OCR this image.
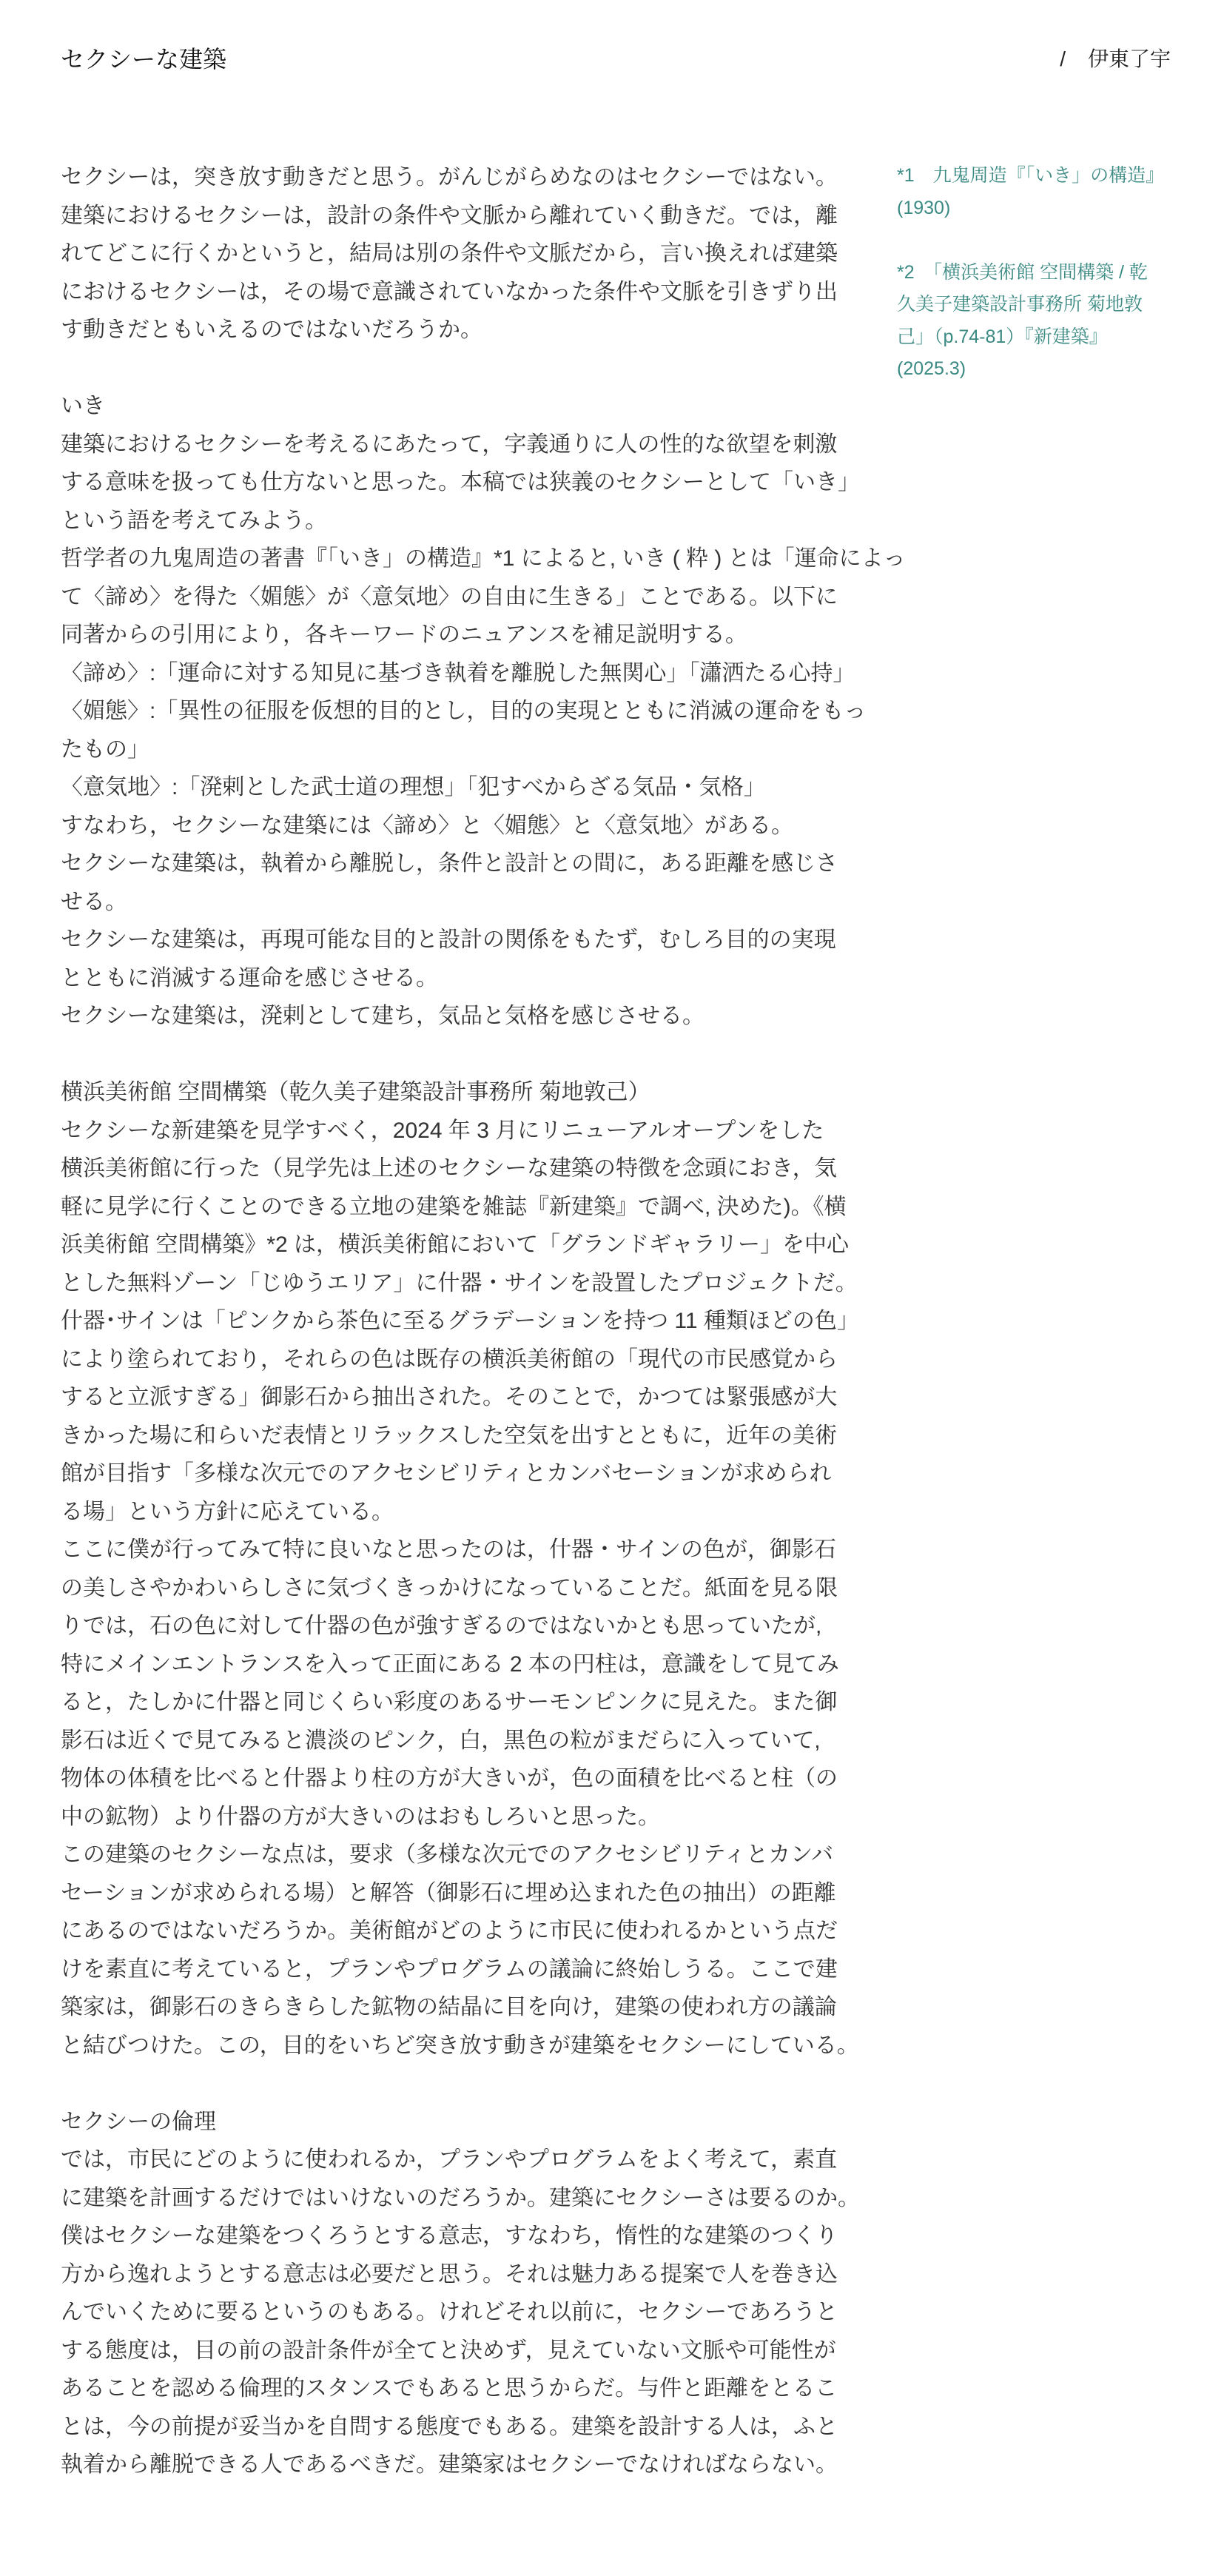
セクシーな建築	/ 伊東了宇
セクシーは，突き放す動きだと思う。がんじがらめなのはセクシーではない。
建築におけるセクシーは，設計の条件や文脈から離れていく動きだ。では，離
れてどこに行くかというと，結局は別の条件や文脈だから，言い換えれば建築
におけるセクシーは，その場で意識されていなかった条件や文脈を引きずり出
す動きだともいえるのではないだろうか。
いき
建築におけるセクシーを考えるにあたって，字義通りに人の性的な欲望を刺激
する意味を扱っても仕方ないと思った。本稿では狭義のセクシーとして「いき」
という語を考えてみよう。
哲学者の九鬼周造の著書『「いき」の構造』*1 によると, いき ( 粋 ) とは「運命によっ
て〈諦め〉を得た〈媚態〉が〈意気地〉の自由に生きる」ことである。以下に
同著からの引用により，各キーワードのニュアンスを補足説明する。
〈諦め〉:「運命に対する知見に基づき執着を離脱した無関心」「瀟洒たる心持」
〈媚態〉:「異性の征服を仮想的目的とし，目的の実現とともに消滅の運命をもっ
たもの」
〈意気地〉:「溌剌とした武士道の理想」「犯すべからざる気品・気格」
すなわち，セクシーな建築には〈諦め〉と〈媚態〉と〈意気地〉がある。
セクシーな建築は，執着から離脱し，条件と設計との間に，ある距離を感じさ
せる。
セクシーな建築は，再現可能な目的と設計の関係をもたず，むしろ目的の実現
とともに消滅する運命を感じさせる。
セクシーな建築は，溌剌として建ち，気品と気格を感じさせる。
横浜美術館 空間構築（乾久美子建築設計事務所 菊地敦己）
セクシーな新建築を見学すべく，2024 年 3 月にリニューアルオープンをした
横浜美術館に行った（見学先は上述のセクシーな建築の特徴を念頭におき，気
軽に見学に行くことのできる立地の建築を雑誌『新建築』で調べ, 決めた)。《横
浜美術館 空間構築》*2 は，横浜美術館において「グランドギャラリー」を中心
とした無料ゾーン「じゆうエリア」に什器・サインを設置したプロジェクトだ。
什器･サインは「ピンクから茶色に至るグラデーションを持つ 11 種類ほどの色」
により塗られており，それらの色は既存の横浜美術館の「現代の市民感覚から
すると立派すぎる」御影石から抽出された。そのことで，かつては緊張感が大
きかった場に和らいだ表情とリラックスした空気を出すとともに，近年の美術
館が目指す「多様な次元でのアクセシビリティとカンバセーションが求められ
る場」という方針に応えている。
ここに僕が行ってみて特に良いなと思ったのは，什器・サインの色が，御影石
の美しさやかわいらしさに気づくきっかけになっていることだ。紙面を見る限
りでは，石の色に対して什器の色が強すぎるのではないかとも思っていたが,
特にメインエントランスを入って正面にある 2 本の円柱は，意識をして見てみ
ると，たしかに什器と同じくらい彩度のあるサーモンピンクに見えた。また御
影石は近くで見てみると濃淡のピンク，白，黒色の粒がまだらに入っていて,
物体の体積を比べると什器より柱の方が大きいが，色の面積を比べると柱（の
中の鉱物）より什器の方が大きいのはおもしろいと思った。
この建築のセクシーな点は，要求（多様な次元でのアクセシビリティとカンバ
セーションが求められる場）と解答（御影石に埋め込まれた色の抽出）の距離
にあるのではないだろうか。美術館がどのように市民に使われるかという点だ
けを素直に考えていると，プランやプログラムの議論に終始しうる。ここで建
築家は，御影石のきらきらした鉱物の結晶に目を向け，建築の使われ方の議論
と結びつけた。この，目的をいちど突き放す動きが建築をセクシーにしている。
セクシーの倫理
では，市民にどのように使われるか，プランやプログラムをよく考えて，素直
に建築を計画するだけではいけないのだろうか。建築にセクシーさは要るのか。
僕はセクシーな建築をつくろうとする意志，すなわち，惰性的な建築のつくり
方から逸れようとする意志は必要だと思う。それは魅力ある提案で人を巻き込
んでいくために要るというのもある。けれどそれ以前に，セクシーであろうと
する態度は，目の前の設計条件が全てと決めず，見えていない文脈や可能性が
あることを認める倫理的スタンスでもあると思うからだ。与件と距離をとるこ
とは，今の前提が妥当かを自問する態度でもある。建築を設計する人は，ふと
執着から離脱できる人であるべきだ。建築家はセクシーでなければならない。
*1　九鬼周造『「いき」の構造』
(1930)
*2　「横浜美術館 空間構築 / 乾
久美子建築設計事務所 菊地敦
己」（p.74-81）『新建築』
(2025.3)
